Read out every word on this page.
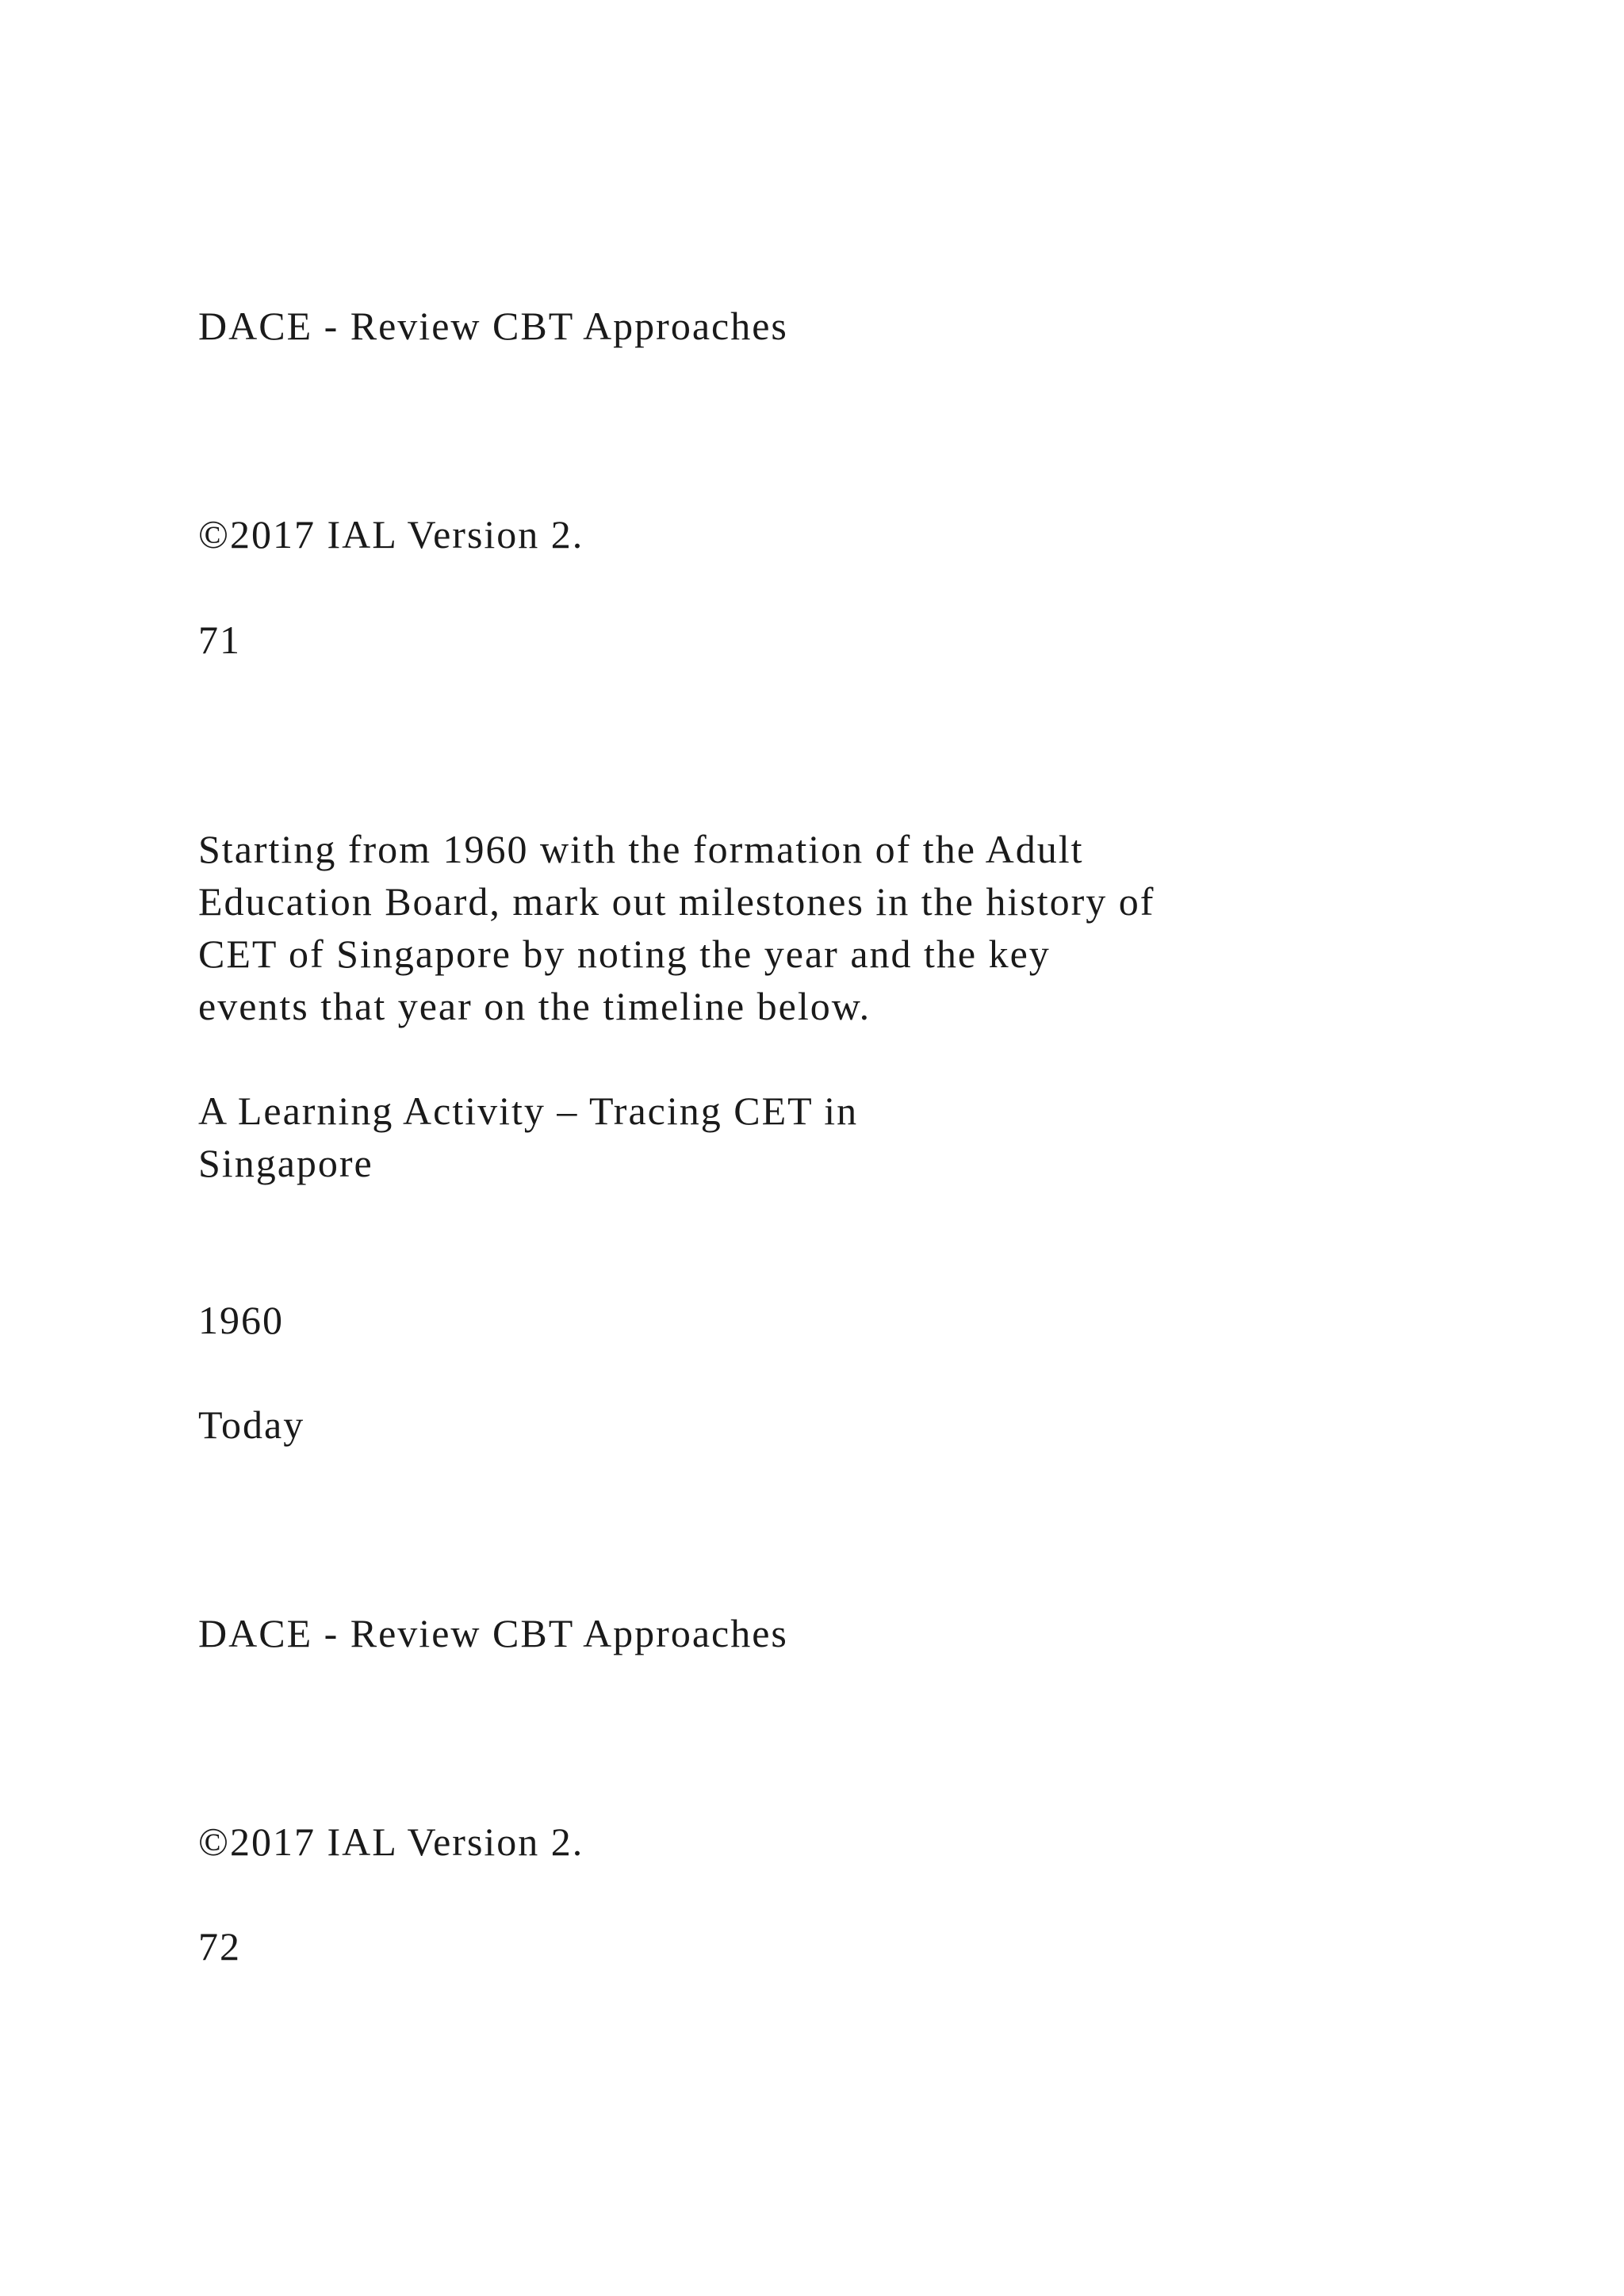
DACE - Review CBT Approaches

©2017 IAL Version 2.

71

Starting from 1960 with the formation of the Adult

Education Board, mark out milestones in the history of

CET of Singapore by noting the year and the key

events that year on the timeline below.

A Learning Activity – Tracing CET in

Singapore

1960

Today

DACE - Review CBT Approaches

©2017 IAL Version 2.

72
